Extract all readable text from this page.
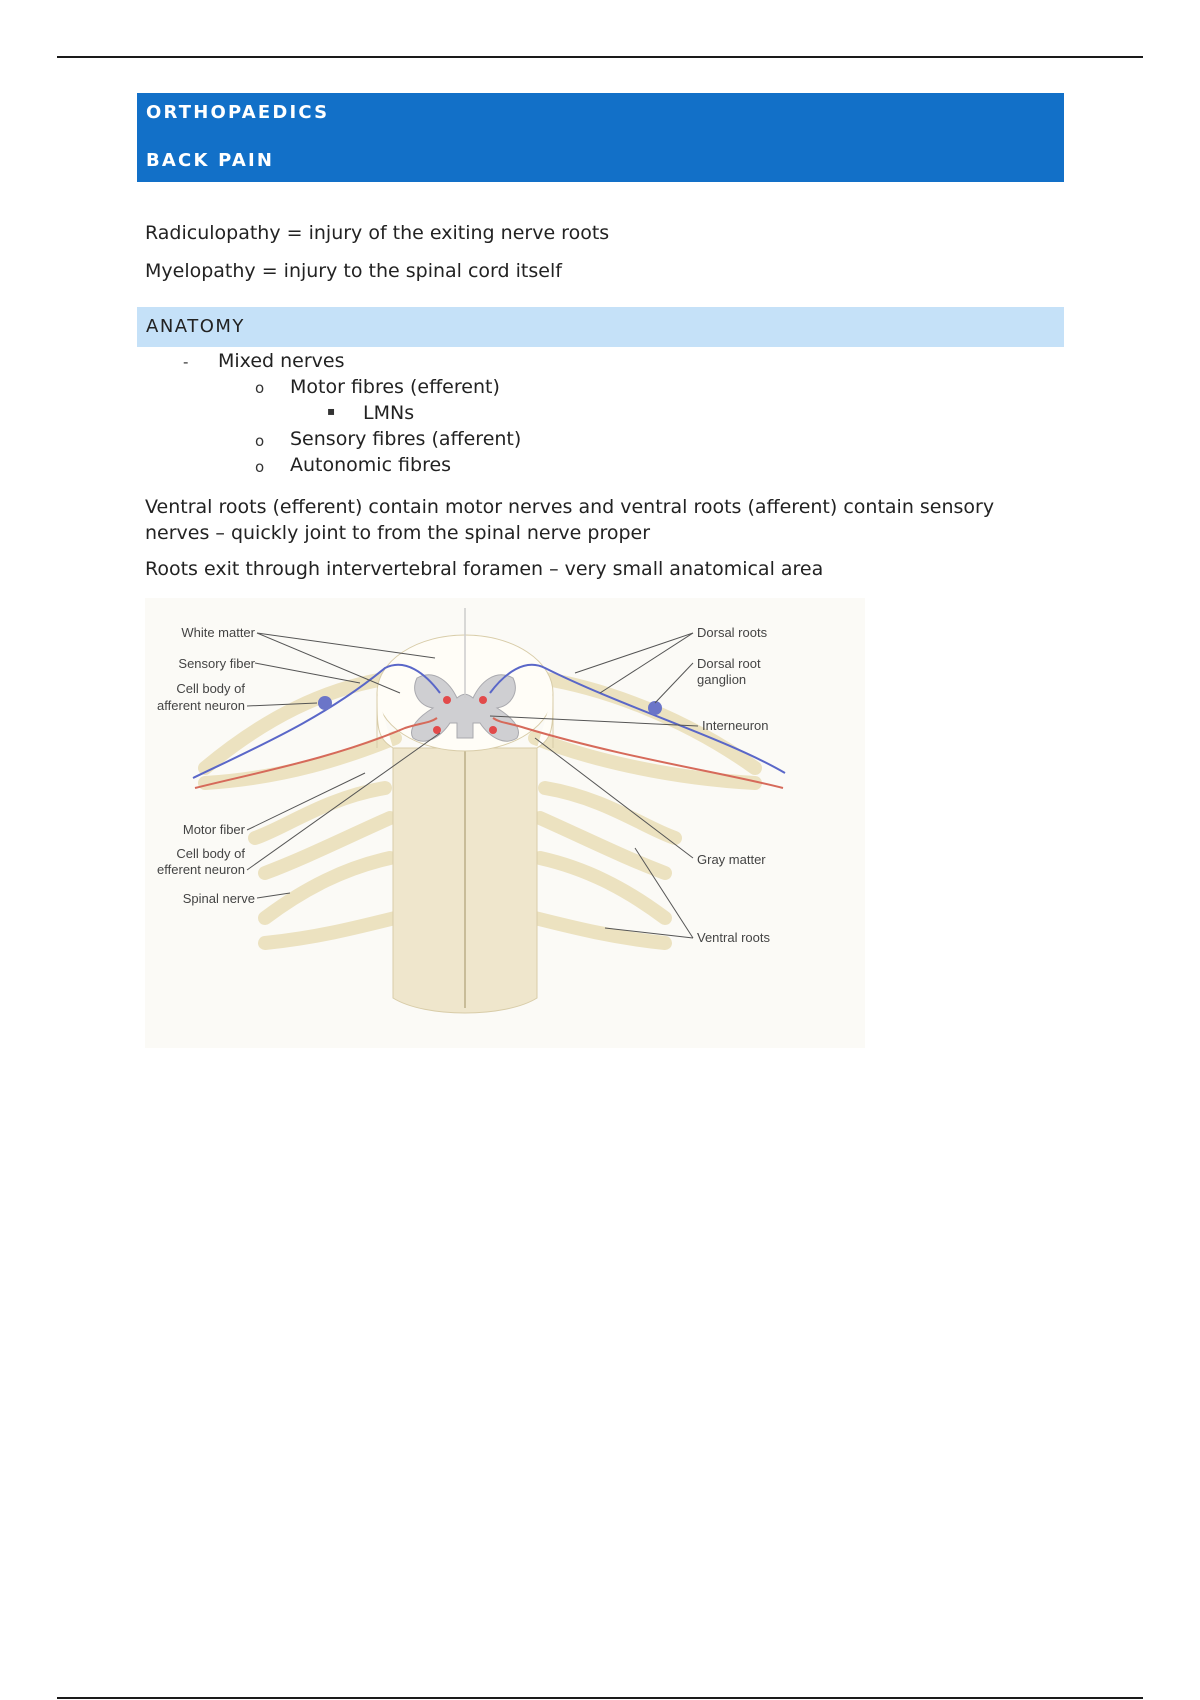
ORTHOPAEDICS
BACK PAIN
Radiculopathy = injury of the exiting nerve roots
Myelopathy = injury to the spinal cord itself
ANATOMY
- Mixed nerves
o Motor fibres (efferent)
▪ LMNs
o Sensory fibres (afferent)
o Autonomic fibres
Ventral roots (efferent) contain motor nerves and ventral roots (afferent) contain sensory nerves – quickly joint to from the spinal nerve proper
Roots exit through intervertebral foramen – very small anatomical area
White matter
Sensory fiber
Cell body of
afferent neuron
Motor fiber
Cell body of
efferent neuron
Spinal nerve
Dorsal roots
Dorsal root
ganglion
Interneuron
Gray matter
Ventral roots
